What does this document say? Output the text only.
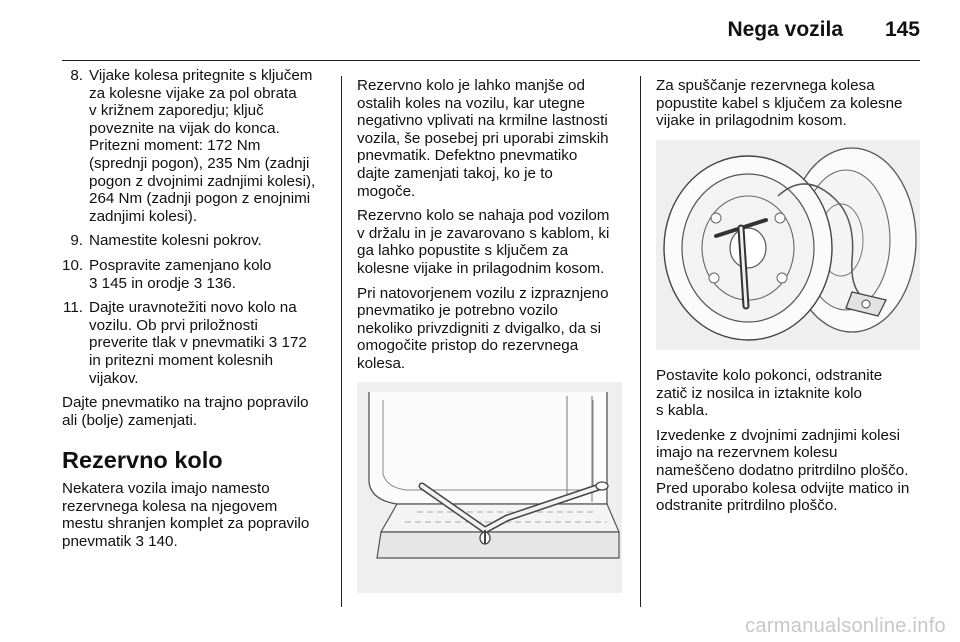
Nega vozila 145
8. Vijake kolesa pritegnite s ključem
za kolesne vijake za pol obrata
v križnem zaporedju; ključ
poveznite na vijak do konca.
Pritezni moment: 172 Nm
(sprednji pogon), 235 Nm (zadnji
pogon z dvojnimi zadnjimi kolesi),
264 Nm (zadnji pogon z enojnimi
zadnjimi kolesi).
9. Namestite kolesni pokrov.
10. Pospravite zamenjano kolo
3 145 in orodje 3 136.
11. Dajte uravnotežiti novo kolo na
vozilu. Ob prvi priložnosti
preverite tlak v pnevmatiki 3 172
in pritezni moment kolesnih
vijakov.

Dajte pnevmatiko na trajno popravilo
ali (bolje) zamenjati.

Rezervno kolo

Nekatera vozila imajo namesto
rezervnega kolesa na njegovem
mestu shranjen komplet za popravilo
pnevmatik 3 140.

Rezervno kolo je lahko manjše od
ostalih koles na vozilu, kar utegne
negativno vplivati na krmilne lastnosti
vozila, še posebej pri uporabi zimskih
pnevmatik. Defektno pnevmatiko
dajte zamenjati takoj, ko je to
mogoče.

Rezervno kolo se nahaja pod vozilom
v držalu in je zavarovano s kablom, ki
ga lahko popustite s ključem za
kolesne vijake in prilagodnim kosom.

Pri natovorjenem vozilu z izpraznjeno
pnevmatiko je potrebno vozilo
nekoliko privzdigniti z dvigalko, da si
omogočite pristop do rezervnega
kolesa.

Za spuščanje rezervnega kolesa
popustite kabel s ključem za kolesne
vijake in prilagodnim kosom.

Postavite kolo pokonci, odstranite
zatič iz nosilca in iztaknite kolo
s kabla.

Izvedenke z dvojnimi zadnjimi kolesi
imajo na rezervnem kolesu
nameščeno dodatno pritrdilno ploščo.
Pred uporabo kolesa odvijte matico in
odstranite pritrdilno ploščo.

carmanualsonline.info
